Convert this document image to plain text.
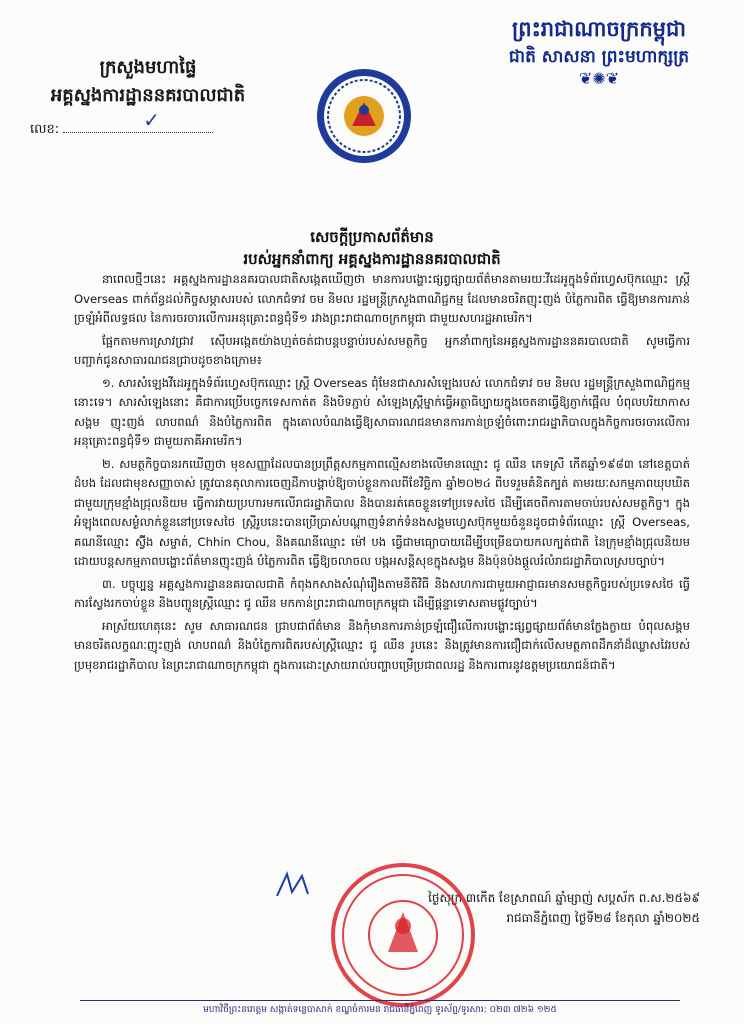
ព្រះរាជាណាចក្រកម្ពុជា
ជាតិ សាសនា ព្រះមហាក្សត្រ
❦✺❦
ក្រសួងមហាផ្ទៃ
អគ្គស្នងការដ្ឋាននគរបាលជាតិ
លេខ:	✓
សេចក្តីប្រកាសព័ត៌មាន
របស់អ្នកនាំពាក្យ អគ្គស្នងការដ្ឋាននគរបាលជាតិ

នាពេលថ្មីៗនេះ អគ្គស្នងការដ្ឋាននគរបាលជាតិសង្កេតឃើញថា មានការបង្ហោះផ្សព្វផ្សាយព័ត៌មានតាមរយៈវីដេអូក្នុងទំព័រហ្វេសប៊ុកឈ្មោះ ស្ត្រី Overseas ពាក់ព័ន្ធដល់កិច្ចសម្ភាសរបស់ លោកជំទាវ ចម និមល រដ្ឋមន្ត្រីក្រសួងពាណិជ្ជកម្ម ដែលមានចរិតញុះញង់ បំភ្លៃការពិត ធ្វើឱ្យមានការភាន់ច្រឡំអំពីលទ្ធផល នៃការចរចារលើការអនុគ្រោះពន្ធជុំទី១ រវាងព្រះរាជាណាចក្រកម្ពុជា ជាមួយសហរដ្ឋអាមេរិក។

ផ្អែកតាមការស្រាវជ្រាវ ស៊ើបអង្កេតយ៉ាងហ្មត់ចត់ជាបន្តបន្ទាប់របស់សមត្ថកិច្ច អ្នកនាំពាក្យនៃអគ្គស្នងការដ្ឋាននគរបាលជាតិ សូមធ្វើការបញ្ជាក់ជូនសាធារណជនជ្រាបដូចខាងក្រោម៖

១. សារសំឡេងវីដេអូក្នុងទំព័រហ្វេសប៊ុកឈ្មោះ ស្ត្រី Overseas ពុំមែនជាសារសំឡេងរបស់ លោកជំទាវ ចម និមល រដ្ឋមន្ត្រីក្រសួងពាណិជ្ជកម្ម នោះទេ។ សារសំឡេងនោះ គឺជាការប្រើបច្ចេកទេសកាត់ត និងបិទភ្ជាប់ សំឡេងស្ត្រីម្នាក់ធ្វើអត្ថាធិប្បាយក្នុងចេតនាធ្វើឱ្យភ្ញាក់ផ្អើល បំពុលបរិយាកាសសង្គម ញុះញង់ លាបពណ៌ និងបំភ្លៃការពិត ក្នុងគោលបំណងធ្វើឱ្យសាធារណជនមានការភាន់ច្រឡំចំពោះរាជរដ្ឋាភិបាលក្នុងកិច្ចការចរចារលើការអនុគ្រោះពន្ធជុំទី១ ជាមួយភាគីអាមេរិក។

២. សមត្ថកិច្ចបានរកឃើញថា មុខសញ្ញាដែលបានប្រព្រឹត្តសកម្មភាពល្មើសខាងលើមានឈ្មោះ ជូ ឈីន ភេទស្រី កើតឆ្នាំ១៩៨៣ នៅខេត្តបាត់ដំបង ដែលជាមុខសញ្ញាចាស់ ត្រូវបានតុលាការចេញដីកាបង្គាប់ឱ្យចាប់ខ្លួនកាលពីខែវិច្ឆិកា ឆ្នាំ២០២៤ ពីបទរួមគំនិតក្បត់ តាមរយៈសកម្មភាពឃុបឃិតជាមួយក្រុមខ្មាំងជ្រុលនិយម ធ្វើការវាយប្រហារមកលើរាជរដ្ឋាភិបាល និងបានរត់គេចខ្លួនទៅប្រទេសថៃ ដើម្បីគេចពីការតាមចាប់របស់សមត្ថកិច្ច។ ក្នុងអំឡុងពេលសម្ងំលាក់ខ្លួននៅប្រទេសថៃ ស្ត្រីរូបនេះបានប្រើប្រាស់បណ្តាញទំនាក់ទំនងសង្គមហ្វេសប៊ុកមួយចំនួនដូចជាទំព័រឈ្មោះ ស្ត្រី Overseas, គណនីឈ្មោះ ស៊្វីង សម្ចាត់, Chhin Chou, និងគណនីឈ្មោះ ម៉ៅ បង ធ្វើជាមធ្យោបាយដើម្បីបម្រើឧបាយកលក្បត់ជាតិ នៃក្រុមខ្មាំងជ្រុលនិយម ដោយបន្តសកម្មភាពបង្ហោះព័ត៌មានញុះញង់ បំភ្លៃការពិត ធ្វើឱ្យចលាចល បង្កអសន្តិសុខក្នុងសង្គម និងប៉ុនប៉ងផ្តួលរំលំរាជរដ្ឋាភិបាលស្របច្បាប់។

៣. បច្ចុប្បន្ន អគ្គស្នងការដ្ឋាននគរបាលជាតិ កំពុងកសាងសំណុំរឿងតាមនីតិវិធី និងសហការជាមួយអាជ្ញាធរមានសមត្ថកិច្ចរបស់ប្រទេសថៃ ធ្វើការស្វែងរកចាប់ខ្លួន និងបញ្ជូនស្ត្រីឈ្មោះ ជូ ឈីន មកកាន់ព្រះរាជាណាចក្រកម្ពុជា ដើម្បីផ្តន្ទាទោសតាមផ្លូវច្បាប់។

អាស្រ័យហេតុនេះ សូម សាធារណជន ជ្រាបជាព័ត៌មាន និងកុំមានការភាន់ច្រឡំជឿលើការបង្ហោះផ្សព្វផ្សាយព័ត៌មានក្លែងក្លាយ បំពុលសង្គម មានចរិតលក្ខណៈញុះញង់ លាបពណ៌ និងបំភ្លៃការពិតរបស់ស្ត្រីឈ្មោះ ជូ ឈីន រូបនេះ និងត្រូវមានការជឿជាក់លើសមត្ថភាពដឹកនាំដ៏ឈ្លាសវៃរបស់ប្រមុខរាជរដ្ឋាភិបាល នៃព្រះរាជាណាចក្រកម្ពុជា ក្នុងការដោះស្រាយរាល់បញ្ហាបម្រើប្រជាពលរដ្ឋ និងការពារនូវឧត្តមប្រយោជន៍ជាតិ។

ថ្ងៃសុក្រ ៣កើត ខែស្រាពណ៍ ឆ្នាំម្សាញ់ សប្តស័ក ព.ស.២៥៦៩
រាជធានីភ្នំពេញ ថ្ងៃទី២៨ ខែតុលា ឆ្នាំ២០២៥
មហាវិថីព្រះនរោត្តម សង្កាត់ទន្លេបាសាក់ ខណ្ឌចំការមន រាជធានីភ្នំពេញ ទូរស័ព្ទ/ទូរសារ: ០២៣ ៧២៦ ១២៥
